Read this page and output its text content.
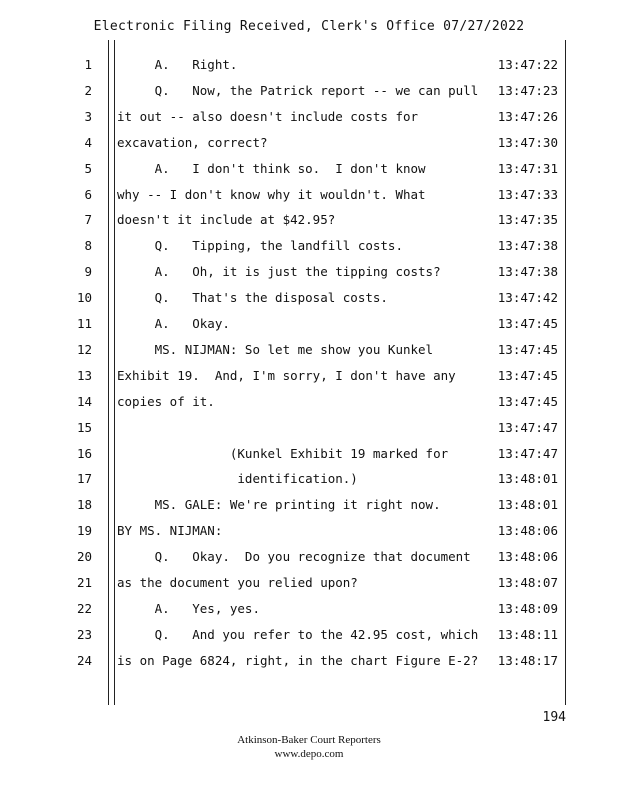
Electronic Filing Received, Clerk's Office 07/27/2022
1 A.   Right.	13:47:22
2 Q.   Now, the Patrick report -- we can pull 13:47:23
3 it out -- also doesn't include costs for	13:47:26
4 excavation, correct?	13:47:30
5 A.   I don't think so.  I don't know	13:47:31
6 why -- I don't know why it wouldn't. What	13:47:33
7 doesn't it include at $42.95?	13:47:35
8 Q.   Tipping, the landfill costs.	13:47:38
9 A.   Oh, it is just the tipping costs?	13:47:38
10 Q.   That's the disposal costs.	13:47:42
11 A.   Okay.	13:47:45
12 MS. NIJMAN: So let me show you Kunkel	13:47:45
13 Exhibit 19.  And, I'm sorry, I don't have any	13:47:45
14 copies of it.	13:47:45
15	13:47:47
16 (Kunkel Exhibit 19 marked for	13:47:47
17 identification.)	13:48:01
18 MS. GALE: We're printing it right now.	13:48:01
19 BY MS. NIJMAN:	13:48:06
20 Q.   Okay.  Do you recognize that document 13:48:06
21 as the document you relied upon?	13:48:07
22 A.   Yes, yes.	13:48:09
23 Q.   And you refer to the 42.95 cost, which 13:48:11
24 is on Page 6824, right, in the chart Figure E-2? 13:48:17
194
Atkinson-Baker Court Reporters
www.depo.com
